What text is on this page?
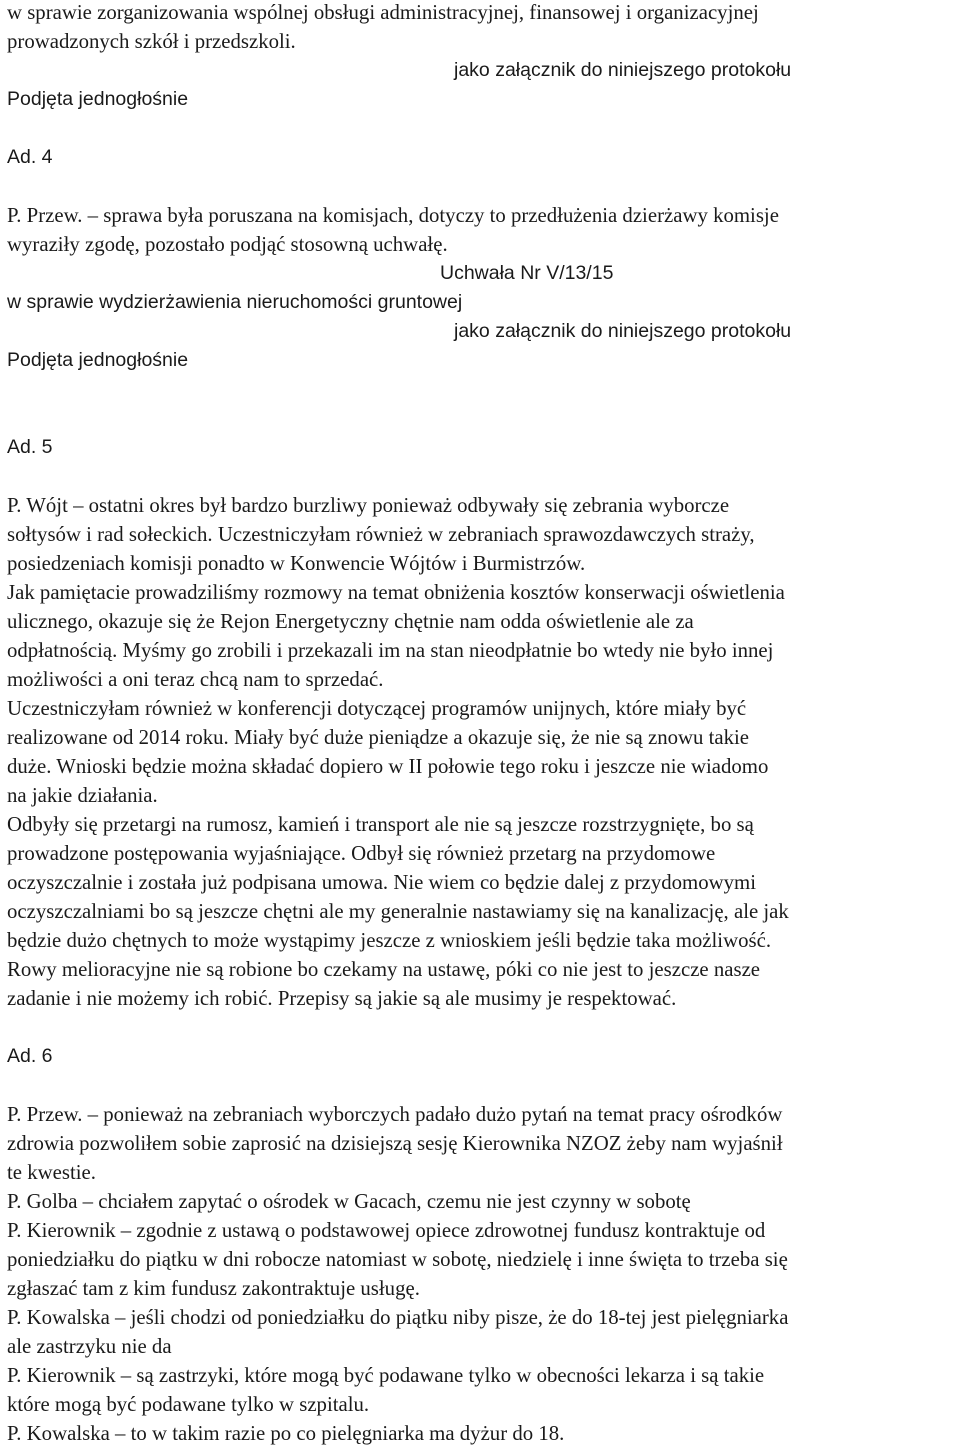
w sprawie zorganizowania wspólnej obsługi administracyjnej, finansowej i organizacyjnej
prowadzonych szkół i przedszkoli.
jako załącznik do niniejszego protokołu
Podjęta jednogłośnie
Ad. 4
P. Przew. – sprawa była poruszana na komisjach, dotyczy to przedłużenia dzierżawy komisje
wyraziły zgodę, pozostało podjąć stosowną uchwałę.
Uchwała Nr V/13/15
w sprawie wydzierżawienia nieruchomości gruntowej
jako załącznik do niniejszego protokołu
Podjęta jednogłośnie
Ad. 5
P. Wójt – ostatni okres był bardzo burzliwy ponieważ odbywały się zebrania wyborcze
sołtysów i rad sołeckich. Uczestniczyłam również w zebraniach sprawozdawczych straży,
posiedzeniach komisji ponadto w Konwencie Wójtów i Burmistrzów.
Jak pamiętacie prowadziliśmy rozmowy na temat obniżenia kosztów konserwacji oświetlenia
ulicznego, okazuje się że Rejon Energetyczny chętnie nam odda oświetlenie ale za
odpłatnością. Myśmy go zrobili i przekazali im na stan nieodpłatnie bo wtedy nie było innej
możliwości a oni teraz chcą nam to sprzedać.
Uczestniczyłam również w konferencji dotyczącej programów unijnych, które miały być
realizowane od 2014 roku. Miały być duże pieniądze a okazuje się, że nie są znowu takie
duże. Wnioski będzie można składać dopiero w II połowie tego roku i jeszcze nie wiadomo
na jakie działania.
Odbyły się przetargi na rumosz, kamień i transport ale nie są jeszcze rozstrzygnięte, bo są
prowadzone postępowania wyjaśniające. Odbył się również przetarg na przydomowe
oczyszczalnie i została już podpisana umowa. Nie wiem co będzie dalej z przydomowymi
oczyszczalniami bo są jeszcze chętni ale my generalnie nastawiamy się na kanalizację, ale jak
będzie dużo chętnych to może wystąpimy jeszcze z wnioskiem jeśli będzie taka możliwość.
Rowy melioracyjne nie są robione bo czekamy na ustawę, póki co nie jest to jeszcze nasze
zadanie i nie możemy ich robić. Przepisy są jakie są ale musimy je respektować.
Ad. 6
P. Przew. – ponieważ na zebraniach wyborczych padało dużo pytań na temat pracy ośrodków
zdrowia pozwoliłem sobie zaprosić na dzisiejszą sesję Kierownika NZOZ żeby nam wyjaśnił
te kwestie.
P. Golba – chciałem zapytać o ośrodek w Gacach, czemu nie jest czynny w sobotę
P. Kierownik – zgodnie z ustawą o podstawowej opiece zdrowotnej fundusz kontraktuje od
poniedziałku do piątku w dni robocze natomiast w sobotę, niedzielę i inne święta to trzeba się
zgłaszać tam z kim fundusz zakontraktuje usługę.
P. Kowalska – jeśli chodzi od poniedziałku do piątku niby pisze, że do 18-tej jest pielęgniarka
ale zastrzyku nie da
P. Kierownik – są zastrzyki, które mogą być podawane tylko w obecności lekarza i są takie
które mogą być podawane tylko w szpitalu.
P. Kowalska – to w takim razie po co pielęgniarka ma dyżur do 18.
